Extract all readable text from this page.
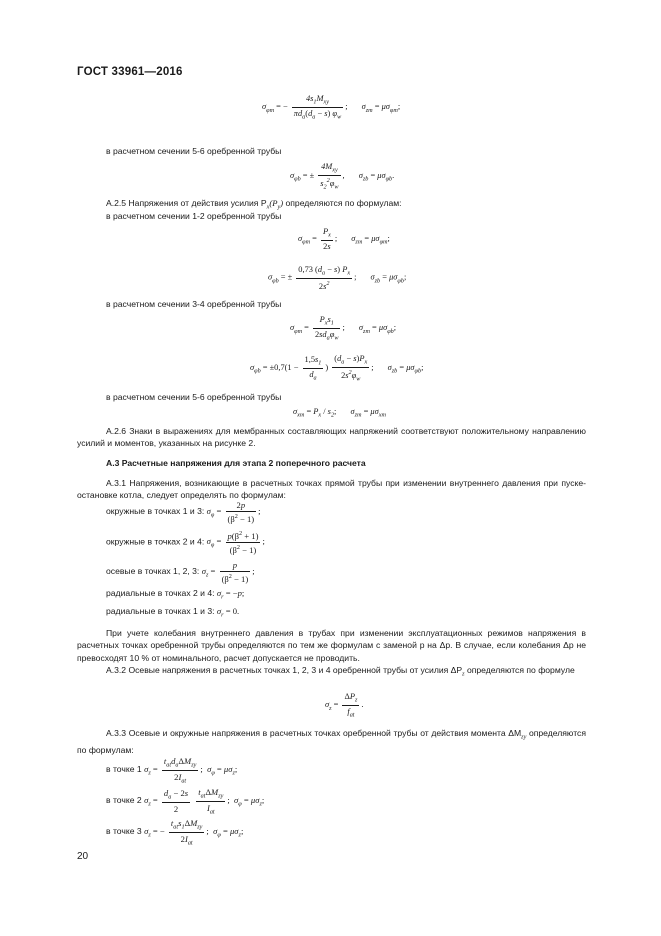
ГОСТ 33961—2016
$\sigma_{\varphi m}$ = − $\frac{4s_1M_{xy}}{\pi d_a(d_a - s) \varphi_w}$ ; $\sigma_{zm} = \mu\sigma_{\varphi m}$;
в расчетном сечении 5-6 оребренной трубы
$\sigma_{\varphi b}$ = ± $\frac{4M_{xy}}{s_2^2\varphi_w}$ , $\sigma_{zb} = \mu\sigma_{\varphi b}$.
А.2.5 Напряжения от действия усилия $P_x(P_y)$ определяются по формулам:
в расчетном сечении 1-2 оребренной трубы
$\sigma_{\varphi m} = \frac{P_x}{2s}$ ; $\sigma_{zm} = \mu\sigma_{\varphi m}$;
$\sigma_{\varphi b}$ = ± $\frac{0,73 (d_a - s) P_x}{2s^2}$ ; $\sigma_{zb} = \mu\sigma_{\varphi b}$;
в расчетном сечении 3-4 оребренной трубы
$\sigma_{\varphi m} = \frac{P_xs_1}{2sd_a\varphi_w}$ ; $\sigma_{zm} = \mu\sigma_{\varphi b}$;
$\sigma_{\varphi b} = \pm 0,7(1 - \frac{1,5s_1}{d_a}$ ) $\frac{(d_a - s)P_x}{2s^2\varphi_w}$ ; $\sigma_{zb} = \mu\sigma_{\varphi b}$;
в расчетном сечении 5-6 оребренной трубы
$\sigma_{xm} = P_x / s_2$; $\sigma_{zm} = \mu\sigma_{xm}$
А.2.6 Знаки в выражениях для мембранных составляющих напряжений соответствуют положительному направлению усилий и моментов, указанных на рисунке 2.
А.3 Расчетные напряжения для этапа 2 поперечного расчета
А.3.1 Напряжения, возникающие в расчетных точках прямой трубы при изменении внутреннего давления при пуске-остановке котла, следует определять по формулам:
окружные в точках 1 и 3: $\sigma_\varphi = \frac{2p}{(\beta^2 - 1)}$ ;
окружные в точках 2 и 4: $\sigma_\varphi = \frac{p(\beta^2 + 1)}{(\beta^2 - 1)}$ ;
осевые в точках 1, 2, 3: $\sigma_z = \frac{p}{(\beta^2 - 1)}$ ;
радиальные в точках 2 и 4: $\sigma_r = -p$;
радиальные в точках 1 и 3: $\sigma_r = 0$.
При учете колебания внутреннего давления в трубах при изменении эксплуатационных режимов напряжения в расчетных точках оребренной трубы определяются по тем же формулам с заменой p на Δp. В случае, если колебания Δp не превосходят 10 % от номинального, расчет допускается не проводить.
А.3.2 Осевые напряжения в расчетных точках 1, 2, 3 и 4 оребренной трубы от усилия $\Delta P_z$ определяются по формуле
$\sigma_z = \frac{\Delta P_z}{f_{at}}$ .
А.3.3 Осевые и окружные напряжения в расчетных точках оребренной трубы от действия момента $\Delta M_{zy}$ определяются по формулам:
в точке 1 $\sigma_z = \frac{t_{at}d_a\Delta M_{zy}}{2I_{at}}$ ;  $\sigma_\varphi = \mu\sigma_z$;
в точке 2 $\sigma_z = \frac{d_a - 2s}{2}$
$\frac{t_{at}\Delta M_{zy}}{I_{at}}$ ;  $\sigma_\varphi = \mu\sigma_z$;
в точке 3 $\sigma_z$ = − $\frac{t_{at}s_1\Delta M_{zy}}{2I_{at}}$ ;  $\sigma_\varphi = \mu\sigma_z$;
20
